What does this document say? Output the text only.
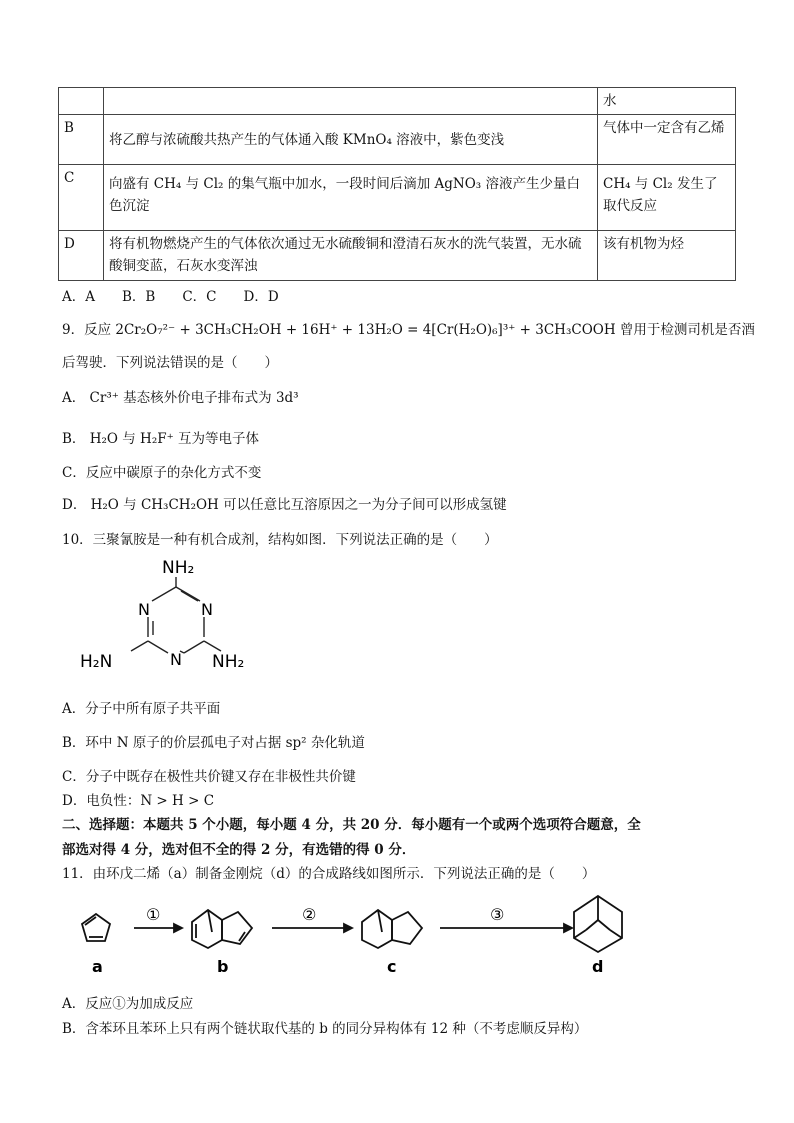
		水
B	将乙醇与浓硫酸共热产生的气体通入酸 KMnO₄ 溶液中，紫色变浅	气体中一定含有乙烯
C	向盛有 CH₄ 与 Cl₂ 的集气瓶中加水，一段时间后滴加 AgNO₃ 溶液产生少量白色沉淀	CH₄ 与 Cl₂ 发生了取代反应
D	将有机物燃烧产生的气体依次通过无水硫酸铜和澄清石灰水的洗气装置，无水硫酸铜变蓝，石灰水变浑浊	该有机物为烃
A．A　　B．B　　C．C　　D．D
9．反应 2Cr₂O₇²⁻ + 3CH₃CH₂OH + 16H⁺ + 13H₂O = 4[Cr(H₂O)₆]³⁺ + 3CH₃COOH 曾用于检测司机是否酒
后驾驶．下列说法错误的是（　　）
A． Cr³⁺ 基态核外价电子排布式为 3d³
B． H₂O 与 H₂F⁺ 互为等电子体
C．反应中碳原子的杂化方式不变
D． H₂O 与 CH₃CH₂OH 可以任意比互溶原因之一为分子间可以形成氢键
10．三聚氰胺是一种有机合成剂，结构如图．下列说法正确的是（　　）
NH₂
N	N
N
H₂N	NH₂
A．分子中所有原子共平面
B．环中 N 原子的价层孤电子对占据 sp² 杂化轨道
C．分子中既存在极性共价键又存在非极性共价键
D．电负性：N > H > C
二、选择题：本题共 5 个小题，每小题 4 分，共 20 分．每小题有一个或两个选项符合题意，全
部选对得 4 分，选对但不全的得 2 分，有选错的得 0 分．
11．由环戊二烯（a）制备金刚烷（d）的合成路线如图所示．下列说法正确的是（　　）
①	②	③
a	b	c	d
A．反应①为加成反应
B．含苯环且苯环上只有两个链状取代基的 b 的同分异构体有 12 种（不考虑顺反异构）
